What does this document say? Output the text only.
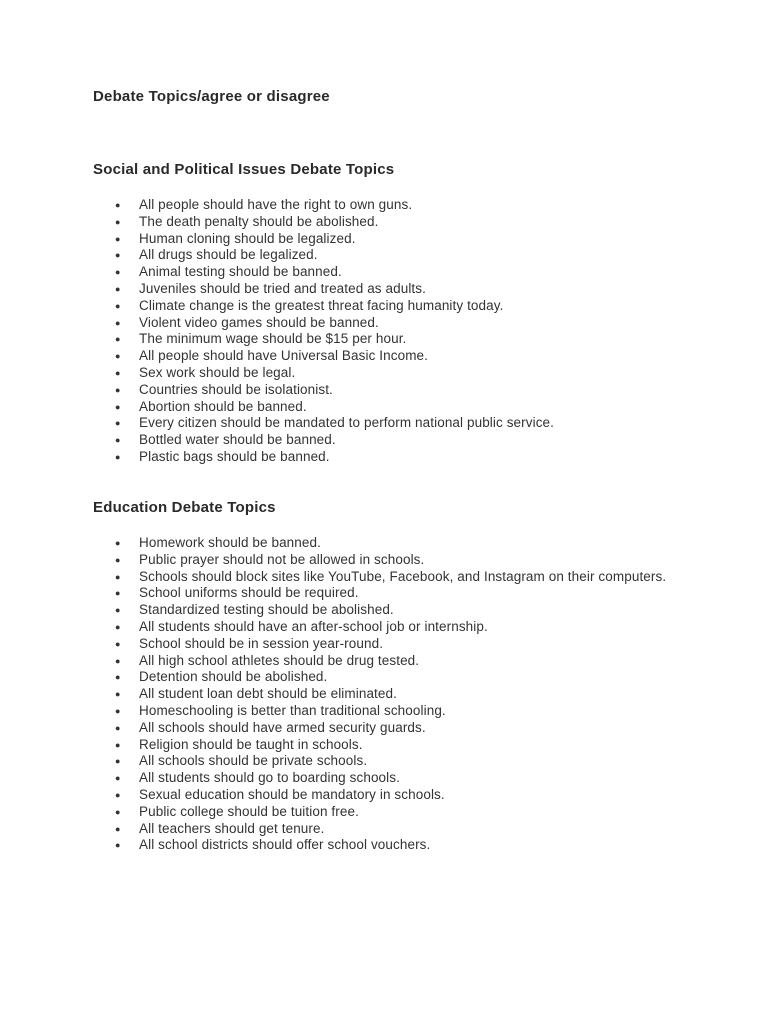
Debate Topics/agree or disagree
Social and Political Issues Debate Topics
● All people should have the right to own guns.
● The death penalty should be abolished.
● Human cloning should be legalized.
● All drugs should be legalized.
● Animal testing should be banned.
● Juveniles should be tried and treated as adults.
● Climate change is the greatest threat facing humanity today.
● Violent video games should be banned.
● The minimum wage should be $15 per hour.
● All people should have Universal Basic Income.
● Sex work should be legal.
● Countries should be isolationist.
● Abortion should be banned.
● Every citizen should be mandated to perform national public service.
● Bottled water should be banned.
● Plastic bags should be banned.
Education Debate Topics
● Homework should be banned.
● Public prayer should not be allowed in schools.
● Schools should block sites like YouTube, Facebook, and Instagram on their computers.
● School uniforms should be required.
● Standardized testing should be abolished.
● All students should have an after-school job or internship.
● School should be in session year-round.
● All high school athletes should be drug tested.
● Detention should be abolished.
● All student loan debt should be eliminated.
● Homeschooling is better than traditional schooling.
● All schools should have armed security guards.
● Religion should be taught in schools.
● All schools should be private schools.
● All students should go to boarding schools.
● Sexual education should be mandatory in schools.
● Public college should be tuition free.
● All teachers should get tenure.
● All school districts should offer school vouchers.
